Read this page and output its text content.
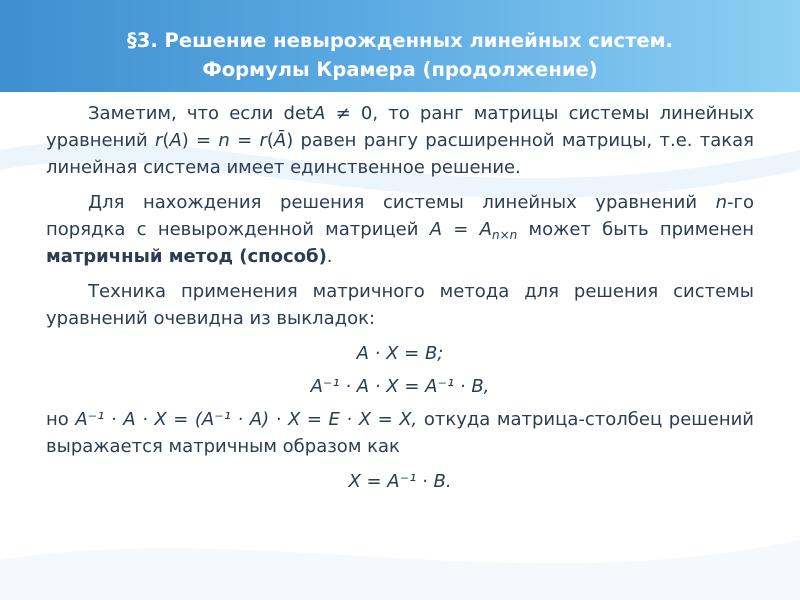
§3. Решение невырожденных линейных систем.
Формулы Крамера (продолжение)

Заметим, что если detA ≠ 0, то ранг матрицы системы линейных уравнений r(A) = n = r(Ā) равен рангу расширенной матрицы, т.е. такая линейная система имеет единственное решение.

Для нахождения решения системы линейных уравнений n-го порядка с невырожденной матрицей $A = A_{n\times n}$ может быть применен матричный метод (способ).

Техника применения матричного метода для решения системы уравнений очевидна из выкладок:

A · X = B;
A⁻¹ · A · X = A⁻¹ · B,

но A⁻¹ · A · X = (A⁻¹ · A) · X = E · X = X, откуда матрица-столбец решений выражается матричным образом как

X = A⁻¹ · B.
